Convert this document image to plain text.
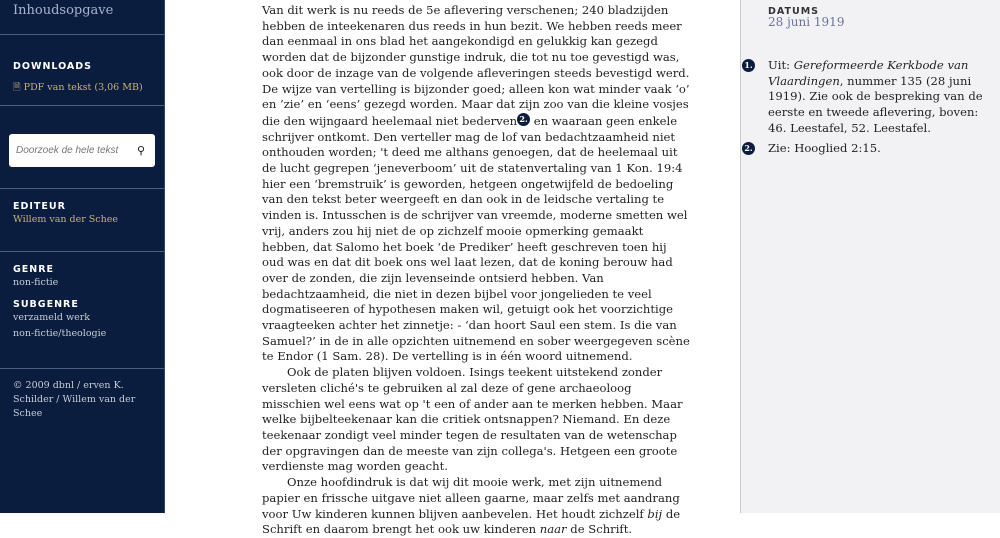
Inhoudsopgave
DOWNLOADS
🗎 PDF van tekst (3,06 MB)
Doorzoek de hele tekst
⚲
EDITEUR
Willem van der Schee
GENRE
non-fictie
SUBGENRE
verzameld werk
non-fictie/theologie
© 2009 dbnl / erven K. Schilder / Willem van der Schee

Van dit werk is nu reeds de 5e aflevering verschenen; 240 bladzijden hebben de inteekenaren dus reeds in hun bezit. We hebben reeds meer dan eenmaal in ons blad het aangekondigd en gelukkig kan gezegd worden dat de bijzonder gunstige indruk, die tot nu toe gevestigd was, ook door de inzage van de volgende afleveringen steeds bevestigd werd. De wijze van vertelling is bijzonder goed; alleen kon wat minder vaak ‘o’ en ‘zie’ en ‘eens’ gezegd worden. Maar dat zijn zoo van die kleine vosjes die den wijngaard heelemaal niet bederven 2. en waaraan geen enkele schrijver ontkomt. Den verteller mag de lof van bedachtzaamheid niet onthouden worden; 't deed me althans genoegen, dat de heelemaal uit de lucht gegrepen ‘jeneverboom’ uit de statenvertaling van 1 Kon. 19:4 hier een ‘bremstruik’ is geworden, hetgeen ongetwijfeld de bedoeling van den tekst beter weergeeft en dan ook in de leidsche vertaling te vinden is. Intusschen is de schrijver van vreemde, moderne smetten wel vrij, anders zou hij niet de op zichzelf mooie opmerking gemaakt hebben, dat Salomo het boek ‘de Prediker’ heeft geschreven toen hij oud was en dat dit boek ons wel laat lezen, dat de koning berouw had over de zonden, die zijn levenseinde ontsierd hebben. Van bedachtzaamheid, die niet in dezen bijbel voor jongelieden te veel dogmatiseeren of hypothesen maken wil, getuigt ook het voorzichtige vraagteeken achter het zinnetje: - ‘dan hoort Saul een stem. Is die van Samuel?’ in de in alle opzichten uitnemend en sober weergegeven scène te Endor (1 Sam. 28). De vertelling is in één woord uitnemend.

Ook de platen blijven voldoen. Isings teekent uitstekend zonder versleten cliché's te gebruiken al zal deze of gene archaeoloog misschien wel eens wat op 't een of ander aan te merken hebben. Maar welke bijbelteekenaar kan die critiek ontsnappen? Niemand. En deze teekenaar zondigt veel minder tegen de resultaten van de wetenschap der opgravingen dan de meeste van zijn collega's. Hetgeen een groote verdienste mag worden geacht.

Onze hoofdindruk is dat wij dit mooie werk, met zijn uitnemend papier en frissche uitgave niet alleen gaarne, maar zelfs met aandrang voor Uw kinderen kunnen blijven aanbevelen. Het houdt zichzelf bij de Schrift en daarom brengt het ook uw kinderen naar de Schrift.

DATUMS
28 juni 1919
1. Uit: Gereformeerde Kerkbode van Vlaardingen, nummer 135 (28 juni 1919). Zie ook de bespreking van de eerste en tweede aflevering, boven: 46. Leestafel, 52. Leestafel.
2. Zie: Hooglied 2:15.
